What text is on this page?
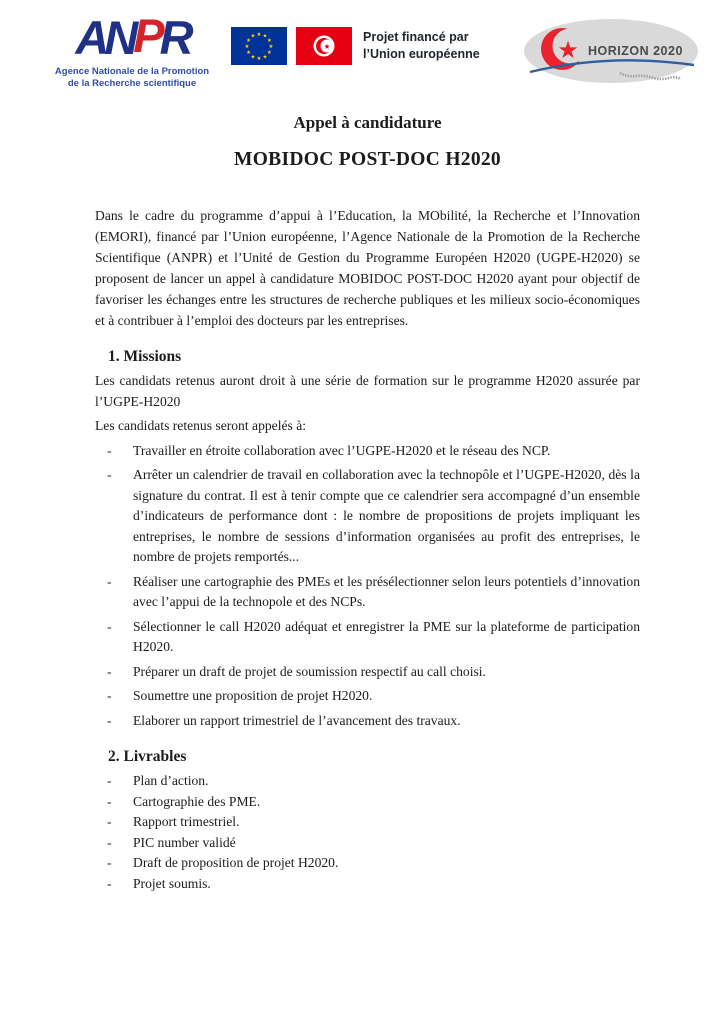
A N P R
Agence Nationale de la Promotion
de la Recherche scientifique
★ ★
★
★
★
★
★
★
★
★
★
★
★
Projet financé par
l’Union européenne	★ HORIZON 2020
Appel à candidature
MOBIDOC POST-DOC H2020

Dans le cadre du programme d’appui à l’Education, la MObilité, la Recherche et l’Innovation (EMORI), financé par l’Union européenne, l’Agence Nationale de la Promotion de la Recherche Scientifique (ANPR) et l’Unité de Gestion du Programme Européen H2020 (UGPE-H2020) se proposent de lancer un appel à candidature MOBIDOC POST-DOC H2020 ayant pour objectif de favoriser les échanges entre les structures de recherche publiques et les milieux socio-économiques et à contribuer à l’emploi des docteurs par les entreprises.

1. Missions

Les candidats retenus auront droit à une série de formation sur le programme H2020 assurée par l’UGPE-H2020

Les candidats retenus seront appelés à:

-	Travailler en étroite collaboration avec l’UGPE-H2020 et le réseau des NCP.
-	Arrêter un calendrier de travail en collaboration avec la technopôle et l’UGPE-H2020, dès la signature du contrat. Il est à tenir compte que ce calendrier sera accompagné d’un ensemble d’indicateurs de performance dont : le nombre de propositions de projets impliquant les entreprises, le nombre de sessions d’information organisées au profit des entreprises, le nombre de projets remportés...
-	Réaliser une cartographie des PMEs et les présélectionner selon leurs potentiels d’innovation avec l’appui de la technopole et des NCPs.
-	Sélectionner le call H2020 adéquat et enregistrer la PME sur la plateforme de participation H2020.
-	Préparer un draft de projet de soumission respectif au call choisi.
-	Soumettre une proposition de projet H2020.
-	Elaborer un rapport trimestriel de l’avancement des travaux.
2. Livrables
-	Plan d’action.
-	Cartographie des PME.
-	Rapport trimestriel.
-	PIC number validé
-	Draft de proposition de projet H2020.
-	Projet soumis.
